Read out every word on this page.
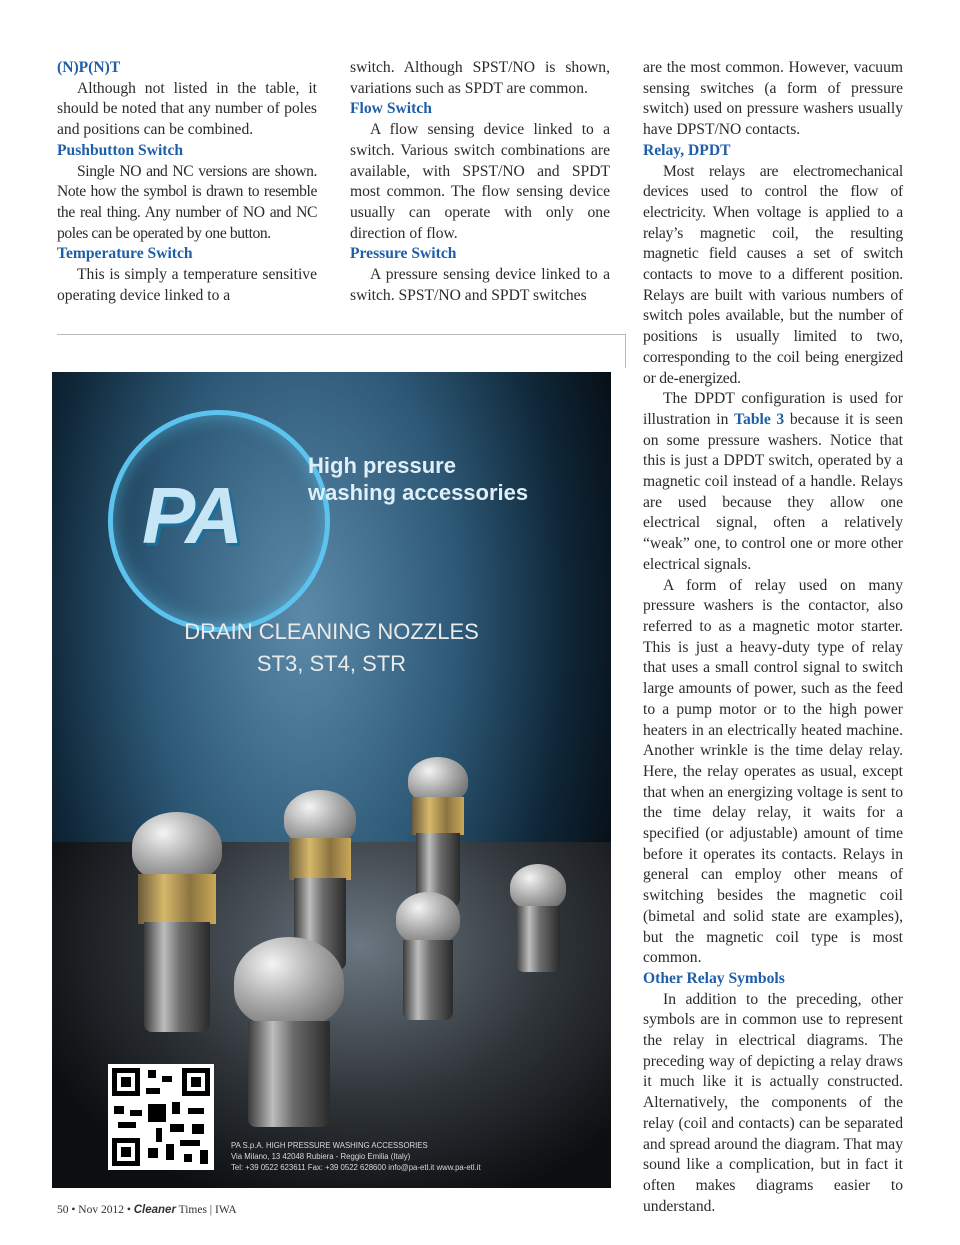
(N)P(N)T

Although not listed in the table, it should be noted that any number of poles and positions can be combined.

Pushbutton Switch

Single NO and NC versions are shown. Note how the symbol is drawn to resemble the real thing. Any number of NO and NC poles can be operated by one button.

Temperature Switch

This is simply a temperature sensitive operating device linked to a

switch. Although SPST/NO is shown, variations such as SPDT are common.

Flow Switch

A flow sensing device linked to a switch. Various switch combinations are available, with SPST/NO and SPDT most common. The flow sensing device usually can operate with only one direction of flow.

Pressure Switch

A pressure sensing device linked to a switch. SPST/NO and SPDT switches

are the most common. However, vacuum sensing switches (a form of pressure switch) used on pressure washers usually have DPST/NO contacts.

Relay, DPDT

Most relays are electromechanical devices used to control the flow of electricity. When voltage is applied to a relay’s magnetic coil, the resulting magnetic field causes a set of switch contacts to move to a different position. Relays are built with various numbers of switch poles available, but the number of positions is usually limited to two, corresponding to the coil being energized or de-energized.

The DPDT configuration is used for illustration in Table 3 because it is seen on some pressure washers. Notice that this is just a DPDT switch, operated by a magnetic coil instead of a handle. Relays are used because they allow one electrical signal, often a relatively “weak” one, to control one or more other electrical signals.

A form of relay used on many pressure washers is the contactor, also referred to as a magnetic motor starter. This is just a heavy-duty type of relay that uses a small control signal to switch large amounts of power, such as the feed to a pump motor or to the high power heaters in an electrically heated machine. Another wrinkle is the time delay relay. Here, the relay operates as usual, except that when an energizing voltage is sent to the time delay relay, it waits for a specified (or adjustable) amount of time before it operates its contacts. Relays in general can employ other means of switching besides the magnetic coil (bimetal and solid state are examples), but the magnetic coil type is most common.

Other Relay Symbols

In addition to the preceding, other symbols are in common use to represent the relay in electrical diagrams. The preceding way of depicting a relay draws it much like it is actually constructed. Alternatively, the components of the relay (coil and contacts) can be separated and spread around the diagram. That may sound like a complication, but in fact it often makes diagrams easier to understand.

PA
High pressure
washing accessories
DRAIN CLEANING NOZZLES
ST3, ST4, STR
PA S.p.A. HIGH PRESSURE WASHING ACCESSORIES
Via Milano, 13 42048 Rubiera - Reggio Emilia (Italy)
Tel: +39 0522 623611 Fax: +39 0522 628600 info@pa-etl.it www.pa-etl.it
50 • Nov 2012 • Cleaner Times | IWA
